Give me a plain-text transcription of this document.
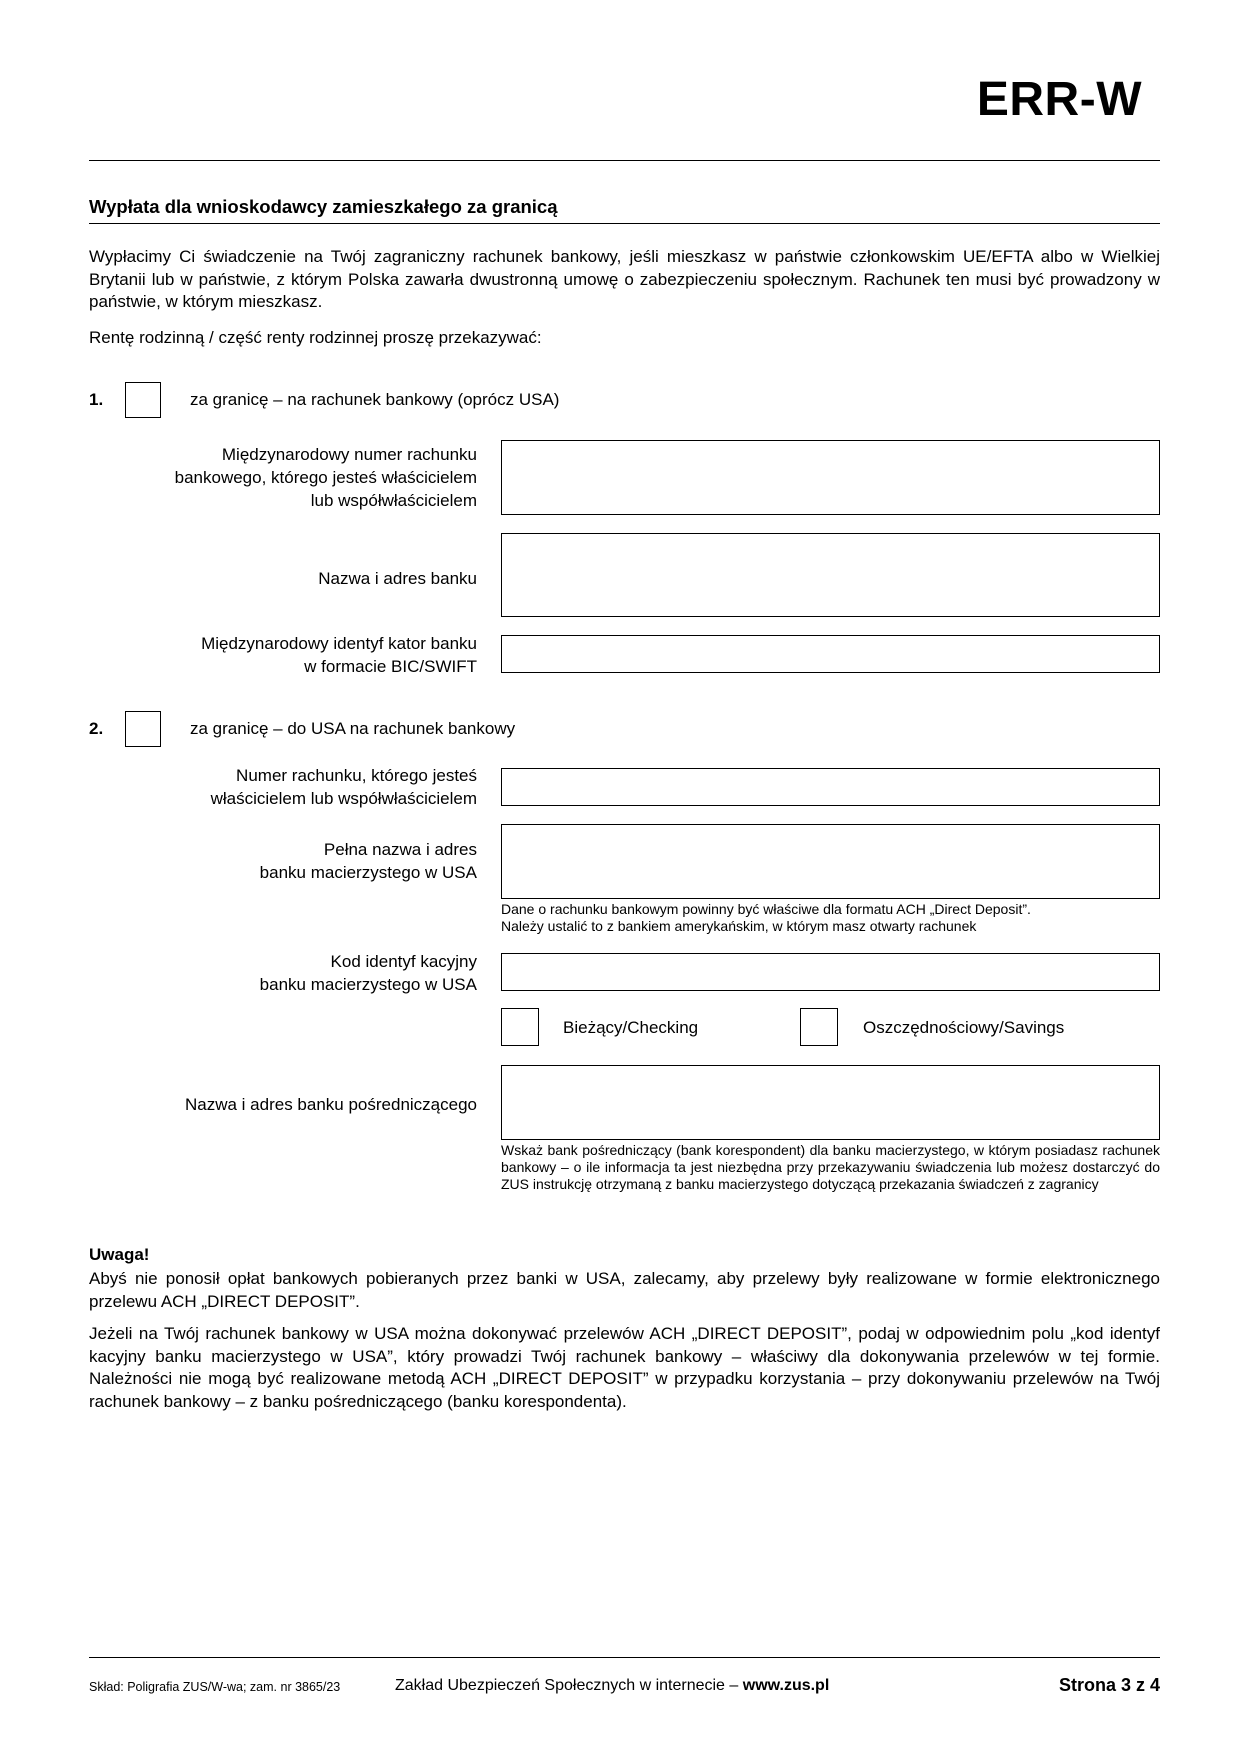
ERR-W
Wypłata dla wnioskodawcy zamieszkałego za granicą

Wypłacimy Ci świadczenie na Twój zagraniczny rachunek bankowy, jeśli mieszkasz w państwie członkowskim UE/EFTA albo w Wielkiej Brytanii lub w państwie, z którym Polska zawarła dwustronną umowę o zabezpieczeniu społecznym. Rachunek ten musi być prowadzony w państwie, w którym mieszkasz.

Rentę rodzinną / część renty rodzinnej proszę przekazywać:

1.	za granicę – na rachunek bankowy (oprócz USA)
Międzynarodowy numer rachunku
bankowego, którego jesteś właścicielem
lub współwłaścicielem
Nazwa i adres banku
Międzynarodowy identyf kator banku
w formacie BIC/SWIFT
2.	za granicę – do USA na rachunek bankowy
Numer rachunku, którego jesteś
właścicielem lub współwłaścicielem
Pełna nazwa i adres
banku macierzystego w USA

Dane o rachunku bankowym powinny być właściwe dla formatu ACH „Direct Deposit”.
Należy ustalić to z bankiem amerykańskim, w którym masz otwarty rachunek

Kod identyf kacyjny
banku macierzystego w USA
Bieżący/Checking	Oszczędnościowy/Savings
Nazwa i adres banku pośredniczącego

Wskaż bank pośredniczący (bank korespondent) dla banku macierzystego, w którym posiadasz rachunek bankowy – o ile informacja ta jest niezbędna przy przekazywaniu świadczenia lub możesz dostarczyć do ZUS instrukcję otrzymaną z banku macierzystego dotyczącą przekazania świadczeń z zagranicy

Uwaga!

Abyś nie ponosił opłat bankowych pobieranych przez banki w USA, zalecamy, aby przelewy były realizowane w formie elektronicznego przelewu ACH „DIRECT DEPOSIT”.

Jeżeli na Twój rachunek bankowy w USA można dokonywać przelewów ACH „DIRECT DEPOSIT”, podaj w odpowiednim polu „kod identyf kacyjny banku macierzystego w USA”, który prowadzi Twój rachunek bankowy – właściwy dla dokonywania przelewów w tej formie. Należności nie mogą być realizowane metodą ACH „DIRECT DEPOSIT” w przypadku korzystania – przy dokonywaniu przelewów na Twój rachunek bankowy – z banku pośredniczącego (banku korespondenta).

Skład: Poligrafia ZUS/W-wa; zam. nr 3865/23	Zakład Ubezpieczeń Społecznych w internecie – www.zus.pl	Strona 3 z 4
